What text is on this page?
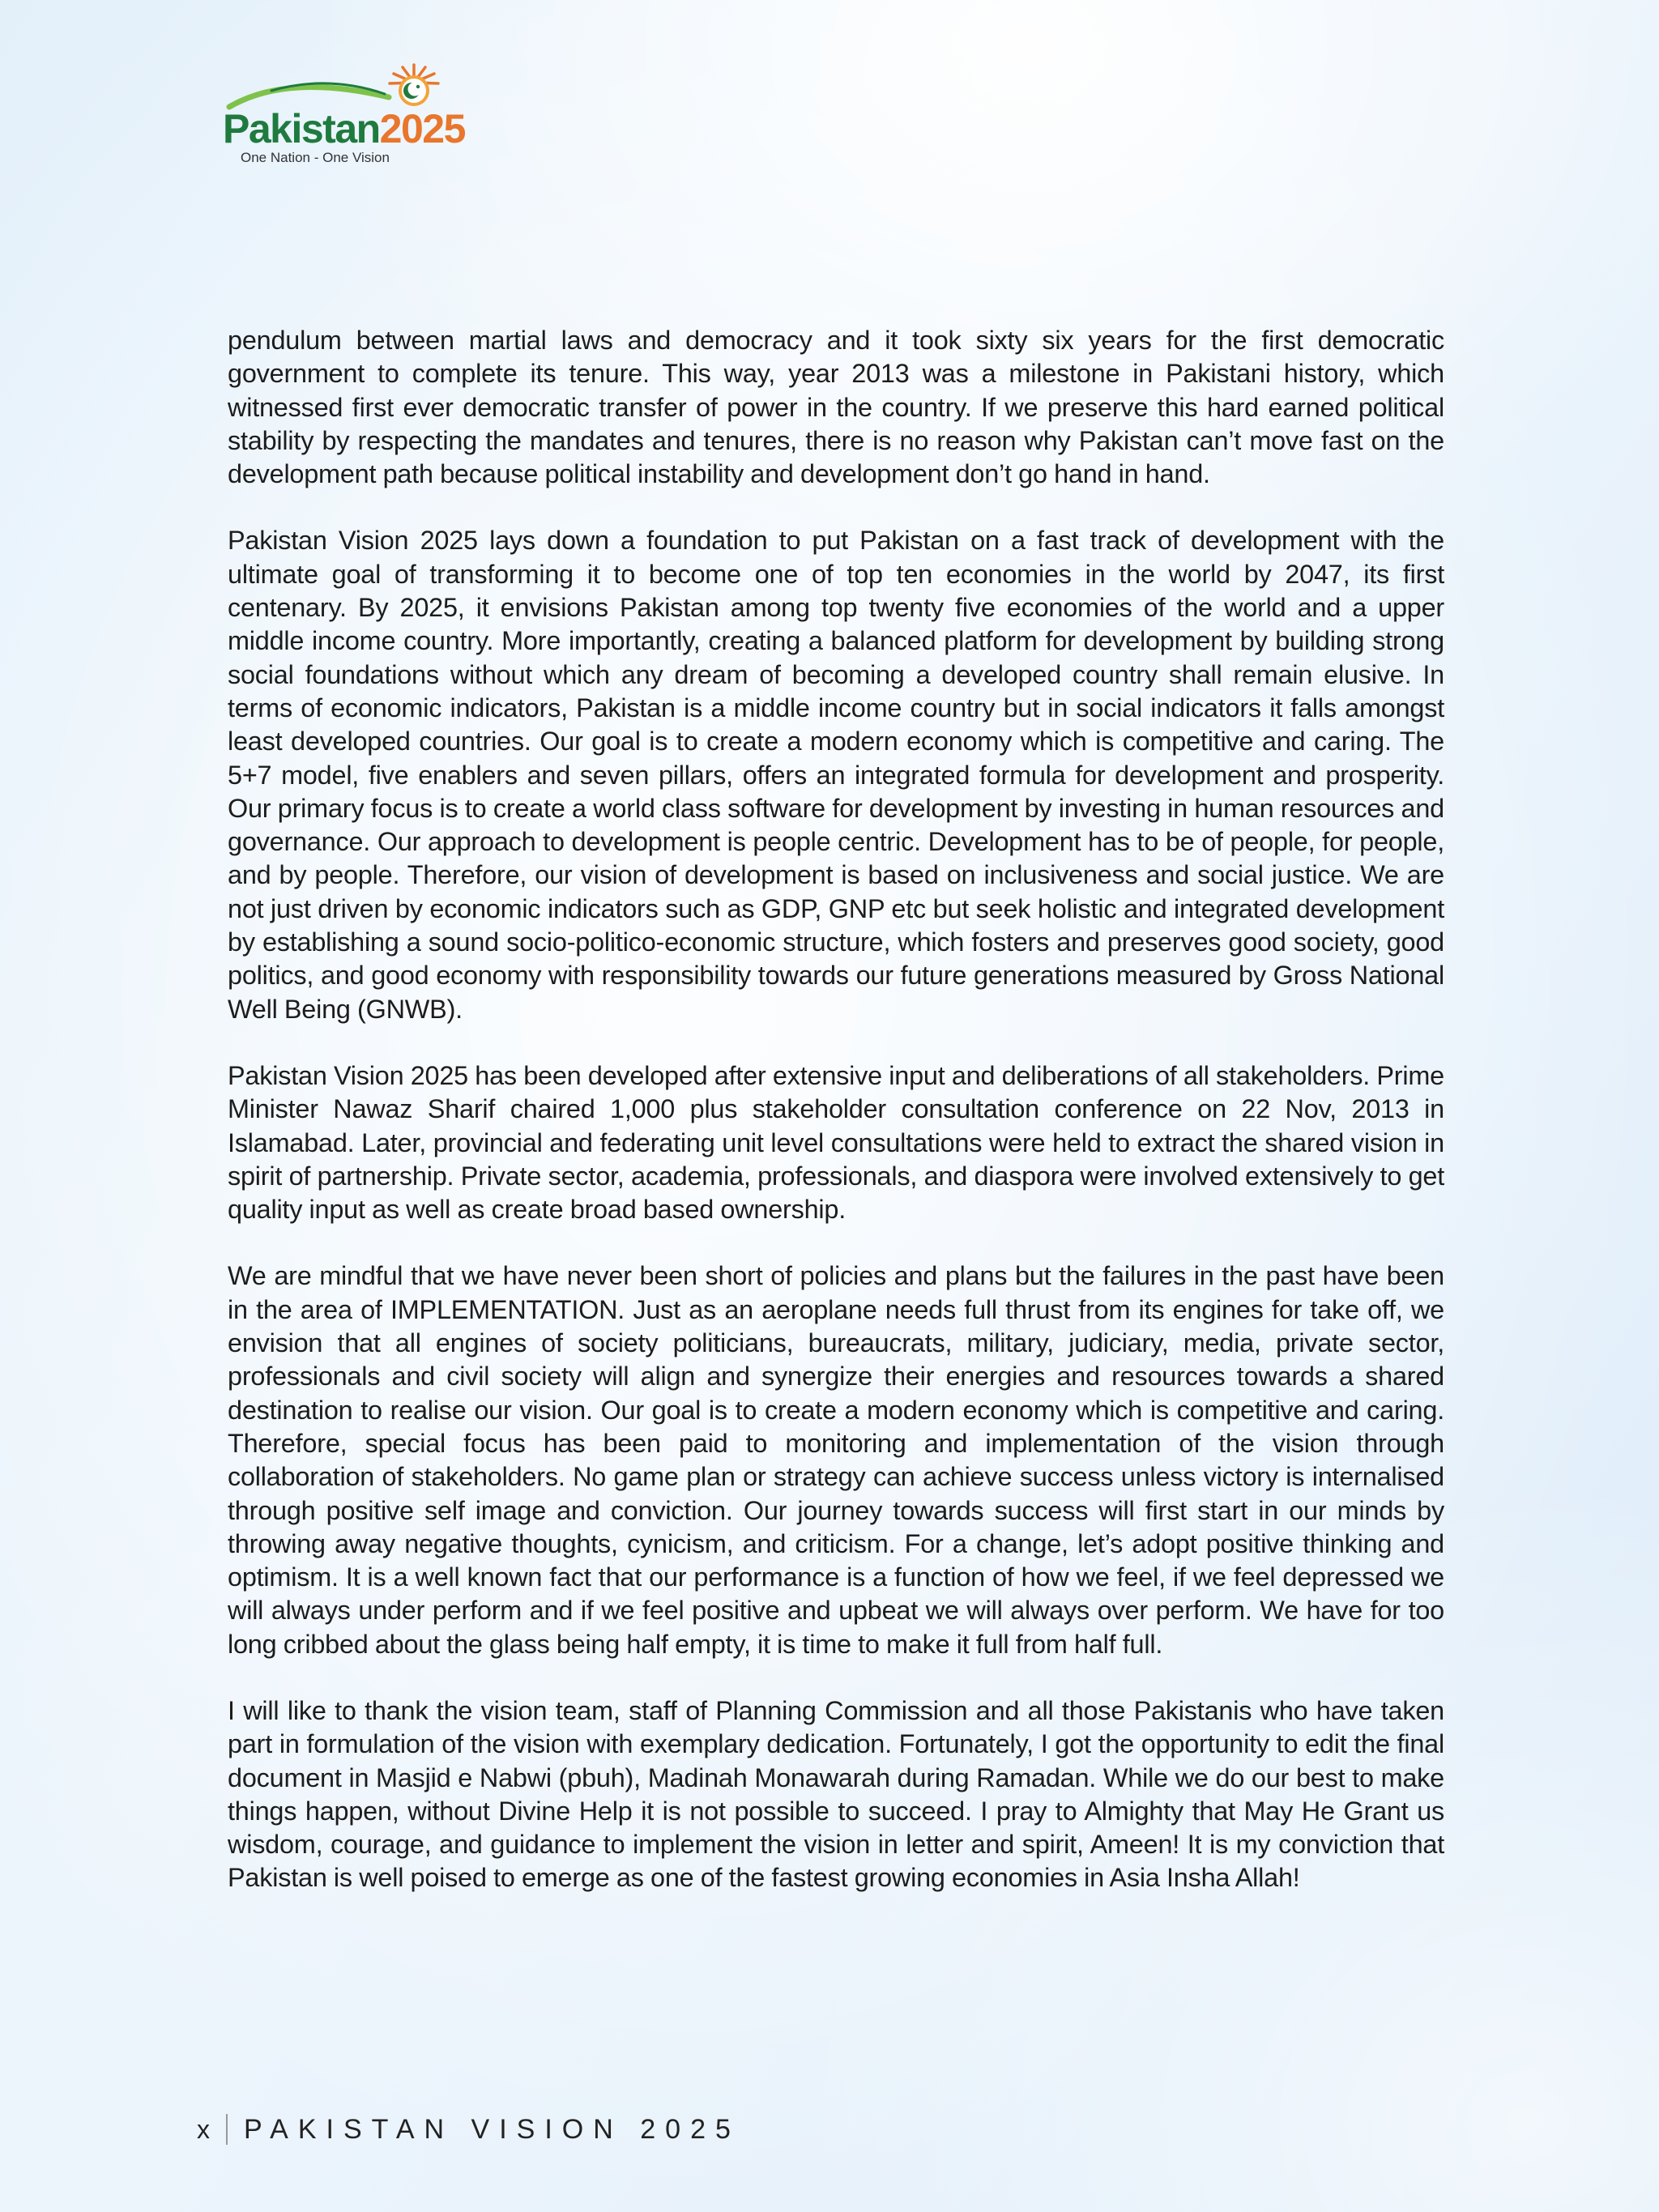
Pakistan2025
One Nation - One Vision

pendulum between martial laws and democracy and it took sixty six years for the first democratic government to complete its tenure. This way, year 2013 was a milestone in Pakistani history, which witnessed first ever democratic transfer of power in the country. If we preserve this hard earned political stability by respecting the mandates and tenures, there is no reason why Pakistan can’t move fast on the development path because political instability and development don’t go hand in hand.

Pakistan Vision 2025 lays down a foundation to put Pakistan on a fast track of development with the ultimate goal of transforming it to become one of top ten economies in the world by 2047, its first centenary. By 2025, it envisions Pakistan among top twenty five economies of the world and a upper middle income country. More importantly, creating a balanced platform for development by building strong social foundations without which any dream of becoming a developed country shall remain elusive. In terms of economic indicators, Pakistan is a middle income country but in social indicators it falls amongst least developed countries. Our goal is to create a modern economy which is competitive and caring. The 5+7 model, five enablers and seven pillars, offers an integrated formula for development and prosperity. Our primary focus is to create a world class software for development by investing in human resources and governance. Our approach to development is people centric. Development has to be of people, for people, and by people. Therefore, our vision of development is based on inclusiveness and social justice. We are not just driven by economic indicators such as GDP, GNP etc but seek holistic and integrated development by establishing a sound socio-politico-economic structure, which fosters and preserves good society, good politics, and good economy with responsibility towards our future generations measured by Gross National Well Being (GNWB).

Pakistan Vision 2025 has been developed after extensive input and deliberations of all stakeholders. Prime Minister Nawaz Sharif chaired 1,000 plus stakeholder consultation conference on 22 Nov, 2013 in Islamabad. Later, provincial and federating unit level consultations were held to extract the shared vision in spirit of partnership. Private sector, academia, professionals, and diaspora were involved extensively to get quality input as well as create broad based ownership.

We are mindful that we have never been short of policies and plans but the failures in the past have been in the area of IMPLEMENTATION. Just as an aeroplane needs full thrust from its engines for take off, we envision that all engines of society politicians, bureaucrats, military, judiciary, media, private sector, professionals and civil society will align and synergize their energies and resources towards a shared destination to realise our vision. Our goal is to create a modern economy which is competitive and caring. Therefore, special focus has been paid to monitoring and implementation of the vision through collaboration of stakeholders. No game plan or strategy can achieve success unless victory is internalised through positive self image and conviction. Our journey towards success will first start in our minds by throwing away negative thoughts, cynicism, and criticism. For a change, let’s adopt positive thinking and optimism. It is a well known fact that our performance is a function of how we feel, if we feel depressed we will always under perform and if we feel positive and upbeat we will always over perform. We have for too long cribbed about the glass being half empty, it is time to make it full from half full.

I will like to thank the vision team, staff of Planning Commission and all those Pakistanis who have taken part in formulation of the vision with exemplary dedication. Fortunately, I got the opportunity to edit the final document in Masjid e Nabwi (pbuh), Madinah Monawarah during Ramadan. While we do our best to make things happen, without Divine Help it is not possible to succeed. I pray to Almighty that May He Grant us wisdom, courage, and guidance to implement the vision in letter and spirit, Ameen! It is my conviction that Pakistan is well poised to emerge as one of the fastest growing economies in Asia Insha Allah!

x PAKISTAN VISION 2025
